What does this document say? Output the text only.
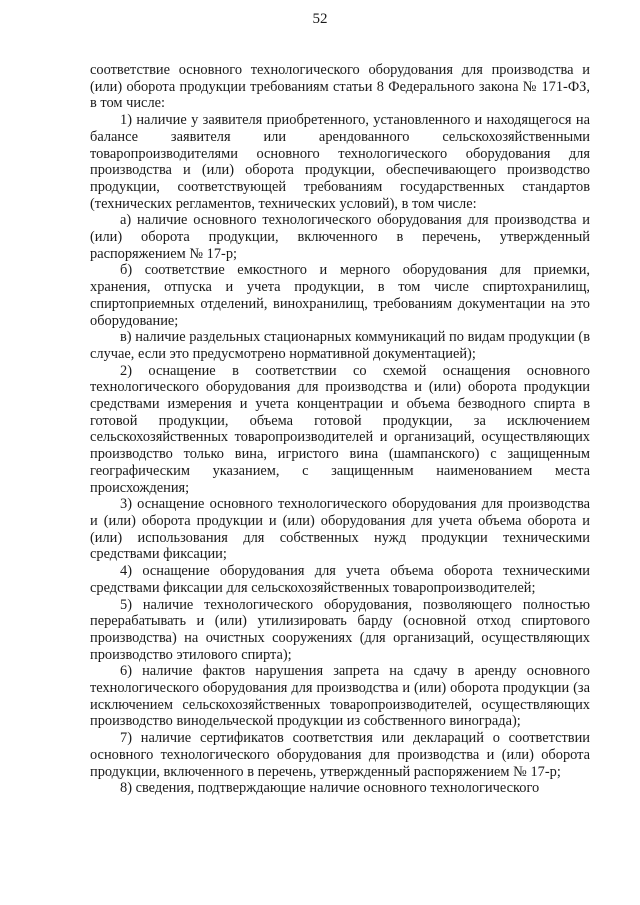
52

соответствие основного технологического оборудования для производства и (или) оборота продукции требованиям статьи 8 Федерального закона № 171-ФЗ, в том числе:

1) наличие у заявителя приобретенного, установленного и находящегося на балансе заявителя или арендованного сельскохозяйственными товаропроизводителями основного технологического оборудования для производства и (или) оборота продукции, обеспечивающего производство продукции, соответствующей требованиям государственных стандартов (технических регламентов, технических условий), в том числе:

а) наличие основного технологического оборудования для производства и (или) оборота продукции, включенного в перечень, утвержденный распоряжением № 17-р;

б) соответствие емкостного и мерного оборудования для приемки, хранения, отпуска и учета продукции, в том числе спиртохранилищ, спиртоприемных отделений, винохранилищ, требованиям документации на это оборудование;

в) наличие раздельных стационарных коммуникаций по видам продукции (в случае, если это предусмотрено нормативной документацией);

2) оснащение в соответствии со схемой оснащения основного технологического оборудования для производства и (или) оборота продукции средствами измерения и учета концентрации и объема безводного спирта в готовой продукции, объема готовой продукции, за исключением сельскохозяйственных товаропроизводителей и организаций, осуществляющих производство только вина, игристого вина (шампанского) с защищенным географическим указанием, с защищенным наименованием места происхождения;

3) оснащение основного технологического оборудования для производства и (или) оборота продукции и (или) оборудования для учета объема оборота и (или) использования для собственных нужд продукции техническими средствами фиксации;

4) оснащение оборудования для учета объема оборота техническими средствами фиксации для сельскохозяйственных товаропроизводителей;

5) наличие технологического оборудования, позволяющего полностью перерабатывать и (или) утилизировать барду (основной отход спиртового производства) на очистных сооружениях (для организаций, осуществляющих производство этилового спирта);

6) наличие фактов нарушения запрета на сдачу в аренду основного технологического оборудования для производства и (или) оборота продукции (за исключением сельскохозяйственных товаропроизводителей, осуществляющих производство винодельческой продукции из собственного винограда);

7) наличие сертификатов соответствия или деклараций о соответствии основного технологического оборудования для производства и (или) оборота продукции, включенного в перечень, утвержденный распоряжением № 17-р;

8) сведения, подтверждающие наличие основного технологического
